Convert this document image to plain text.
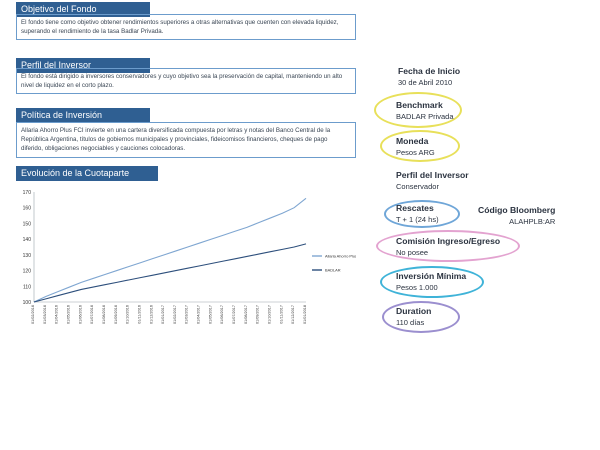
Objetivo del Fondo
El fondo tiene como objetivo obtener rendimientos superiores a otras alternativas que cuenten con elevada liquidez, superando el rendimiento de la tasa Badlar Privada.
Perfil del Inversor
El fondo está dirigido a inversores conservadores y cuyo objetivo sea la preservación de capital, manteniendo un alto nivel de liquidez en el corto plazo.
Política de Inversión
Allaria Ahorro Plus FCI invierte en una cartera diversificada compuesta por letras y notas del Banco Central de la República Argentina, títulos de gobiernos municipales y provinciales, fideicomisos financieros, cheques de pago diferido, obligaciones negociables y cauciones colocadoras.
Evolución de la Cuotaparte
100
110
120
130
140
150
160
170
01/02/2016 01/03/2016 01/04/2016 01/05/2016 01/06/2016 01/07/2016 01/08/2016 01/09/2016 01/10/2016 01/11/2016 01/12/2016 01/01/2017 01/02/2017 01/03/2017 01/04/2017 01/05/2017 01/06/2017 01/07/2017 01/08/2017 01/09/2017 01/10/2017 01/11/2017 01/12/2017 01/01/2018
Allaria Ahorro Plus
BADLAR
Fecha de Inicio
30 de Abril 2010
Benchmark
BADLAR Privada
Moneda
Pesos ARG
Perfil del Inversor
Conservador
Rescates
T + 1 (24 hs)
Código Bloomberg
ALAHPLB:AR
Comisión Ingreso/Egreso
No posee
Inversión Mínima
Pesos 1.000
Duration
110 días
